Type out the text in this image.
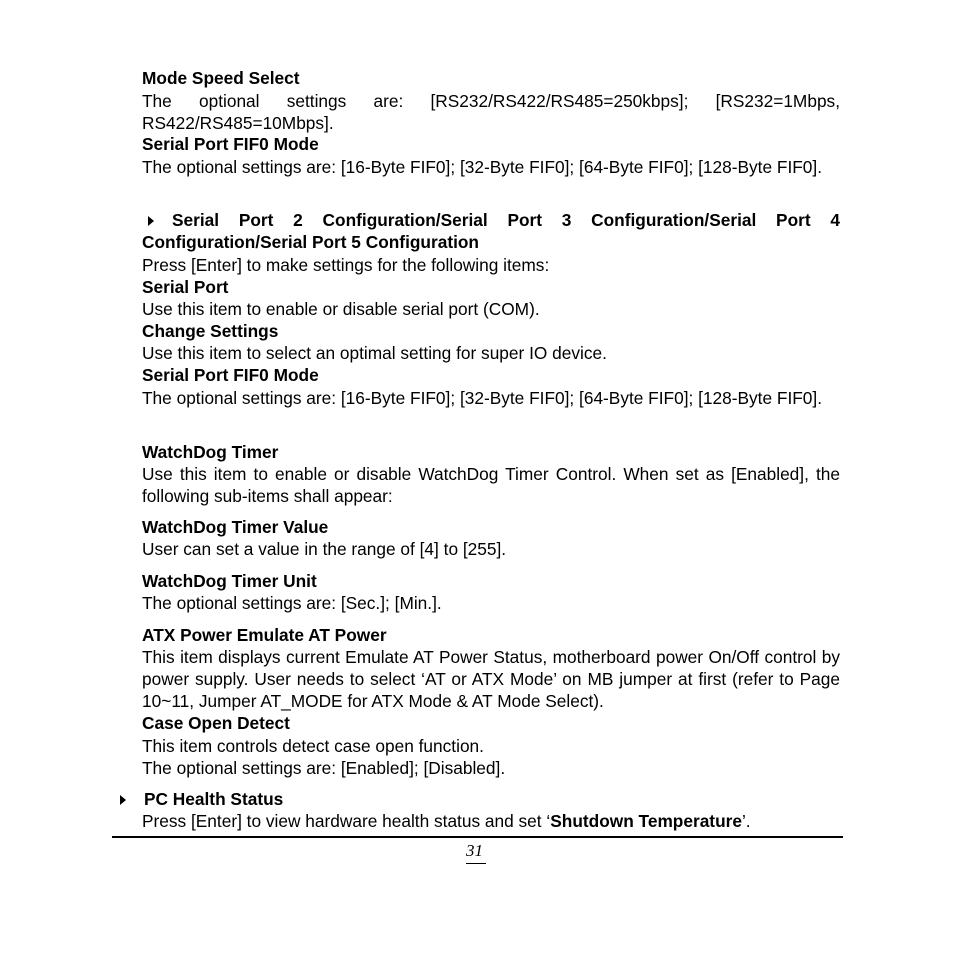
Mode Speed Select
The optional settings are: [RS232/RS422/RS485=250kbps]; [RS232=1Mbps, RS422/RS485=10Mbps].
Serial Port FIF0 Mode
The optional settings are: [16-Byte FIF0]; [32-Byte FIF0]; [64-Byte FIF0]; [128-Byte FIF0].
Serial Port 2 Configuration/Serial Port 3 Configuration/Serial Port 4 Configuration/Serial Port 5 Configuration
Press [Enter] to make settings for the following items:
Serial Port
Use this item to enable or disable serial port (COM).
Change Settings
Use this item to select an optimal setting for super IO device.
Serial Port FIF0 Mode
The optional settings are: [16-Byte FIF0]; [32-Byte FIF0]; [64-Byte FIF0]; [128-Byte FIF0].
WatchDog Timer
Use this item to enable or disable WatchDog Timer Control. When set as [Enabled], the following sub-items shall appear:
WatchDog Timer Value
User can set a value in the range of [4] to [255].
WatchDog Timer Unit
The optional settings are: [Sec.]; [Min.].
ATX Power Emulate AT Power
This item displays current Emulate AT Power Status, motherboard power On/Off control by power supply. User needs to select ‘AT or ATX Mode’ on MB jumper at first (refer to Page 10~11, Jumper AT_MODE for ATX Mode & AT Mode Select).
Case Open Detect
This item controls detect case open function.
The optional settings are: [Enabled]; [Disabled].
PC Health Status
Press [Enter] to view hardware health status and set ‘Shutdown Temperature’.
31
